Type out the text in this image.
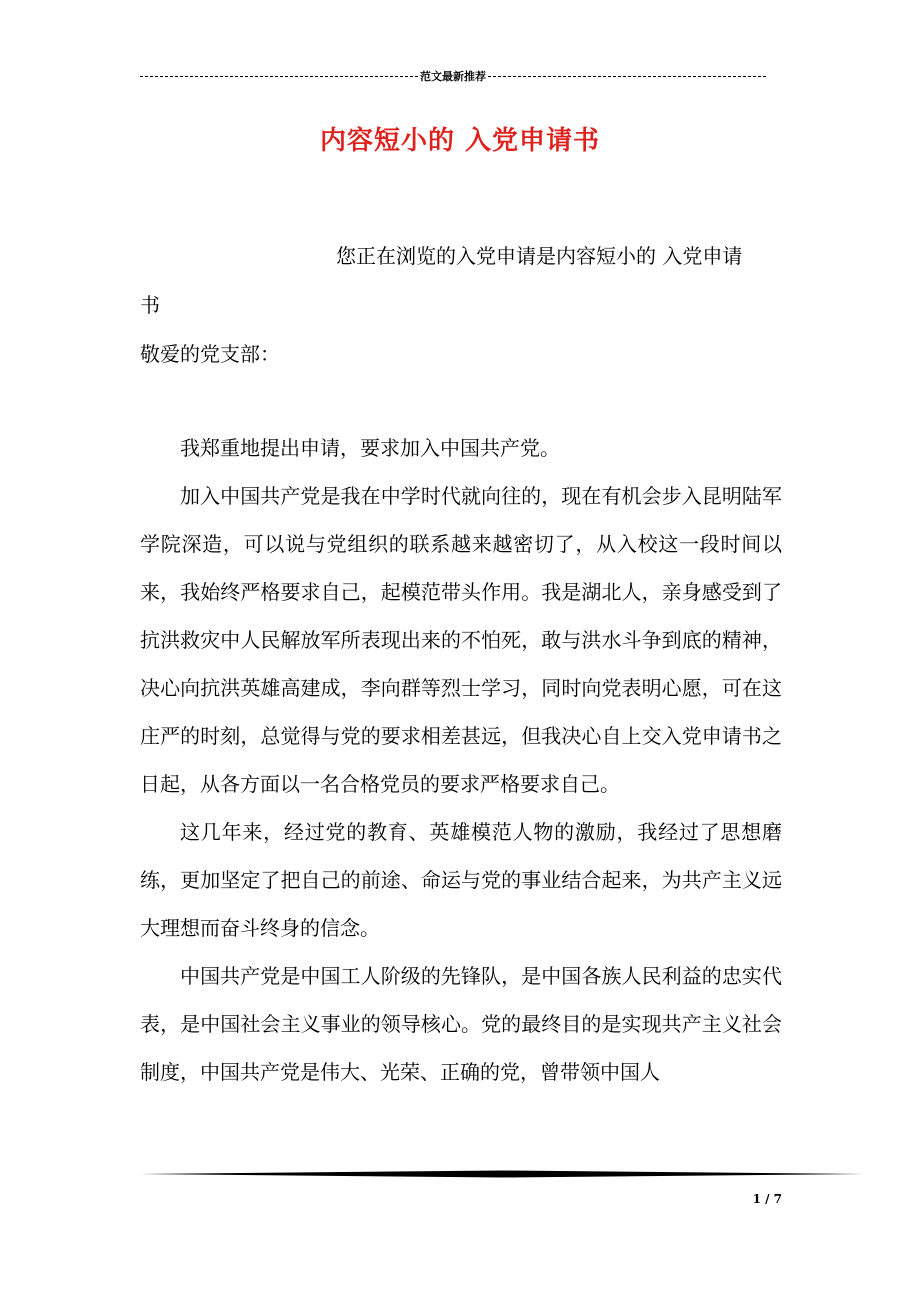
范文最新推荐
内容短小的 入党申请书
您正在浏览的入党申请是内容短小的 入党申请
书
敬爱的党支部：

我郑重地提出申请，要求加入中国共产党。

加入中国共产党是我在中学时代就向往的，现在有机会步入昆明陆军学院深造，可以说与党组织的联系越来越密切了，从入校这一段时间以来，我始终严格要求自己，起模范带头作用。我是湖北人，亲身感受到了抗洪救灾中人民解放军所表现出来的不怕死，敢与洪水斗争到底的精神，决心向抗洪英雄高建成，李向群等烈士学习，同时向党表明心愿，可在这庄严的时刻，总觉得与党的要求相差甚远，但我决心自上交入党申请书之日起，从各方面以一名合格党员的要求严格要求自己。

这几年来，经过党的教育、英雄模范人物的激励，我经过了思想磨练，更加坚定了把自己的前途、命运与党的事业结合起来，为共产主义远大理想而奋斗终身的信念。

中国共产党是中国工人阶级的先锋队，是中国各族人民利益的忠实代表，是中国社会主义事业的领导核心。党的最终目的是实现共产主义社会制度，中国共产党是伟大、光荣、正确的党，曾带领中国人

1 / 7
